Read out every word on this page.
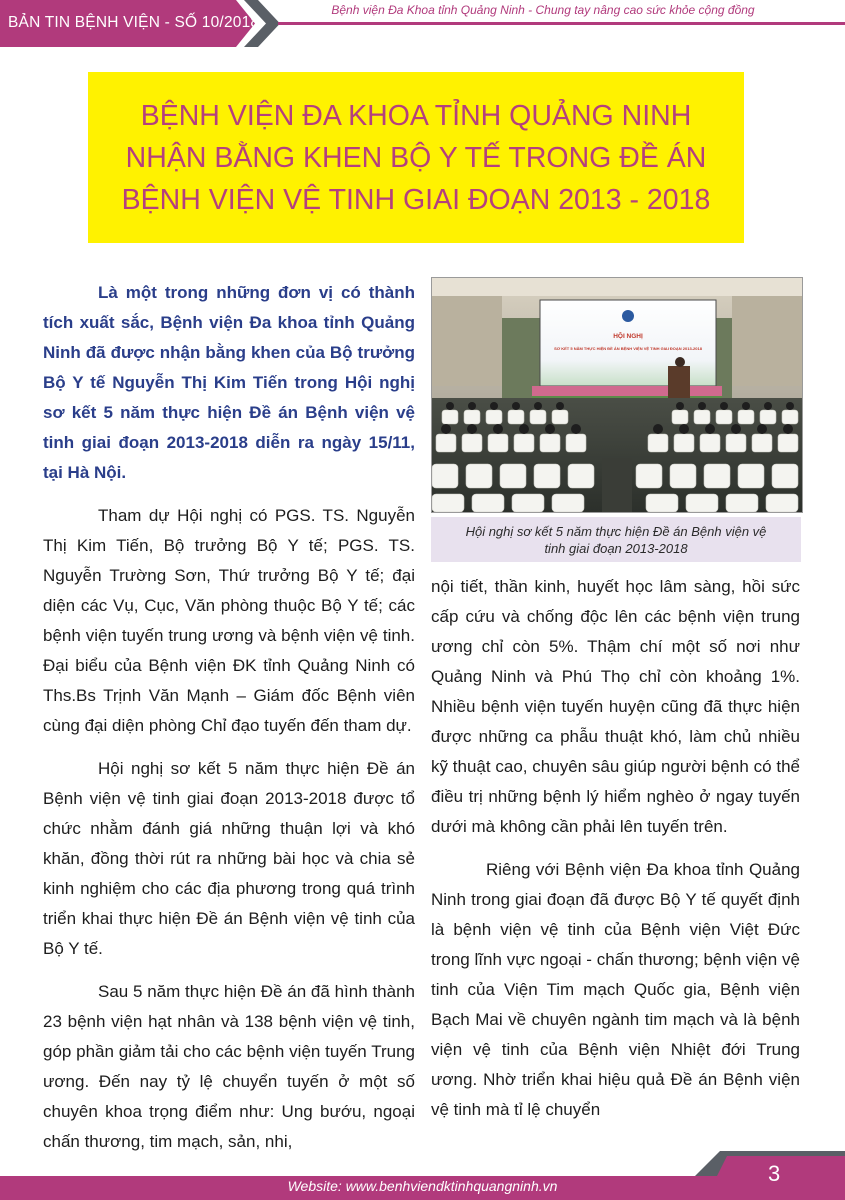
BẢN TIN BỆNH VIỆN - SỐ 10/2018
Bệnh viện Đa Khoa tỉnh Quảng Ninh - Chung tay nâng cao sức khỏe cộng đồng
BỆNH VIỆN ĐA KHOA TỈNH QUẢNG NINH
NHẬN BẰNG KHEN BỘ Y TẾ TRONG ĐỀ ÁN
BỆNH VIỆN VỆ TINH GIAI ĐOẠN 2013 - 2018

Là một trong những đơn vị có thành tích xuất sắc, Bệnh viện Đa khoa tỉnh Quảng Ninh đã được nhận bằng khen của Bộ trưởng Bộ Y tế Nguyễn Thị Kim Tiến trong Hội nghị sơ kết 5 năm thực hiện Đề án Bệnh viện vệ tinh giai đoạn 2013-2018 diễn ra ngày 15/11, tại Hà Nội.

Tham dự Hội nghị có PGS. TS. Nguyễn Thị Kim Tiến, Bộ trưởng Bộ Y tế; PGS. TS. Nguyễn Trường Sơn, Thứ trưởng Bộ Y tế; đại diện các Vụ, Cục, Văn phòng thuộc Bộ Y tế; các bệnh viện tuyến trung ương và bệnh viện vệ tinh. Đại biểu của Bệnh viện ĐK tỉnh Quảng Ninh có Ths.Bs Trịnh Văn Mạnh – Giám đốc Bệnh viên cùng đại diện phòng Chỉ đạo tuyến đến tham dự.

Hội nghị sơ kết 5 năm thực hiện Đề án Bệnh viện vệ tinh giai đoạn 2013-2018 được tổ chức nhằm đánh giá những thuận lợi và khó khăn, đồng thời rút ra những bài học và chia sẻ kinh nghiệm cho các địa phương trong quá trình triển khai thực hiện Đề án Bệnh viện vệ tinh của Bộ Y tế.

Sau 5 năm thực hiện Đề án đã hình thành 23 bệnh viện hạt nhân và 138 bệnh viện vệ tinh, góp phần giảm tải cho các bệnh viện tuyến Trung ương. Đến nay tỷ lệ chuyển tuyến ở một số chuyên khoa trọng điểm như: Ung bướu, ngoại chấn thương, tim mạch, sản, nhi,

HỘI NGHỊ
SƠ KẾT 5 NĂM THỰC HIỆN ĐỀ ÁN BỆNH VIỆN VỆ TINH GIAI ĐOẠN 2013-2018
Hội nghị sơ kết 5 năm thực hiện Đề án Bệnh viện vệ
tinh giai đoạn 2013-2018

nội tiết, thần kinh, huyết học lâm sàng, hồi sức cấp cứu và chống độc lên các bệnh viện trung ương chỉ còn 5%. Thậm chí một số nơi như Quảng Ninh và Phú Thọ chỉ còn khoảng 1%. Nhiều bệnh viện tuyến huyện cũng đã thực hiện được những ca phẫu thuật khó, làm chủ nhiều kỹ thuật cao, chuyên sâu giúp người bệnh có thể điều trị những bệnh lý hiểm nghèo ở ngay tuyến dưới mà không cần phải lên tuyến trên.

Riêng với Bệnh viện Đa khoa tỉnh Quảng Ninh trong giai đoạn đã được Bộ Y tế quyết định là bệnh viện vệ tinh của Bệnh viện Việt Đức trong lĩnh vực ngoại - chấn thương; bệnh viện vệ tinh của Viện Tim mạch Quốc gia, Bệnh viện Bạch Mai về chuyên ngành tim mạch và là bệnh viện vệ tinh của Bệnh viện Nhiệt đới Trung ương. Nhờ triển khai hiệu quả Đề án Bệnh viện vệ tinh mà tỉ lệ chuyển

3
Website: www.benhviendktinhquangninh.vn
